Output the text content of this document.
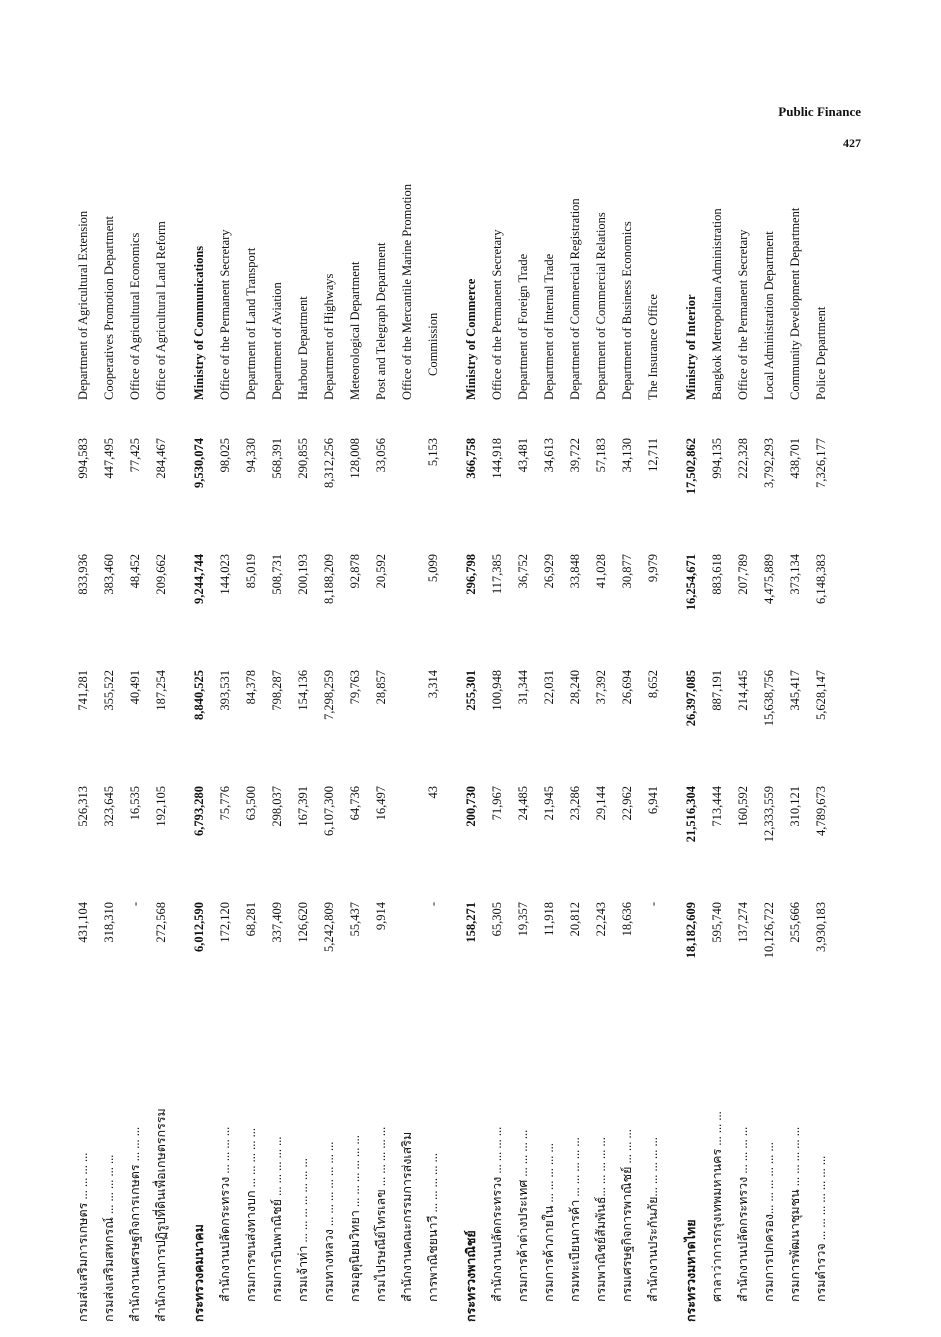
Public Finance
427
กรมส่งเสริมการเกษตร ... ... ... ...	431,104	526,313	741,281	833,936	994,583	Department of Agricultural Extension
กรมส่งเสริมสหกรณ์ ... ... ... ... ...	318,310	323,645	355,522	383,460	447,495	Cooperatives Promotion Department
สำนักงานเศรษฐกิจการเกษตร ... ... ...	-	16,535	40,491	48,452	77,425	Office of Agricultural Economics
สำนักงานการปฏิรูปที่ดินเพื่อเกษตรกรรม	272,568	192,105	187,254	209,662	284,467	Office of Agricultural Land Reform

กระทรวงคมนาคม	6,012,590	6,793,280	8,840,525	9,244,744	9,530,074	Ministry of Communications
สำนักงานปลัดกระทรวง ... ... ... ...	172,120	75,776	393,531	144,023	98,025	Office of the Permanent Secretary
กรมการขนส่งทางบก ... ... ... ... ...	68,281	63,500	84,378	85,019	94,330	Department of Land Transport
กรมการบินพาณิชย์ ... ... ... ... ...	337,409	298,037	798,287	508,731	568,391	Department of Aviation
กรมเจ้าท่า ... ... ... ... ... ... ...	126,620	167,391	154,136	200,193	290,855	Harbour Department
กรมทางหลวง ... ... ... ... ... ... ...	5,242,809	6,107,300	7,298,259	8,188,209	8,312,256	Department of Highways
กรมอุตุนิยมวิทยา ... ... ... ... ... ...	55,437	64,736	79,763	92,878	128,008	Meteorological Department
กรมไปรษณีย์โทรเลข ... ... ... ... ...	9,914	16,497	28,857	20,592	33,056	Post and Telegraph Department
สำนักงานคณะกรรมการส่งเสริม						Office of the Mercantile Marine Promotion
การพาณิชยนาวี ... ... ... ... ...	-	43	3,314	5,099	5,153	Commission

กระทรวงพาณิชย์	158,271	200,730	255,301	296,798	366,758	Ministry of Commerce
สำนักงานปลัดกระทรวง ... ... ... ...	65,305	71,967	100,948	117,385	144,918	Office of the Permanent Secretary
กรมการค้าต่างประเทศ ... ... ... ...	19,357	24,485	31,344	36,752	43,481	Department of Foreign Trade
กรมการค้าภายใน ... ... ... ... ...	11,918	21,945	22,031	26,929	34,613	Department of Internal Trade
กรมทะเบียนการค้า ... ... ... ... ...	20,812	23,286	28,240	33,848	39,722	Department of Commercial Registration
กรมพาณิชย์สัมพันธ์... ... ... ... ...	22,243	29,144	37,392	41,028	57,183	Department of Commercial Relations
กรมเศรษฐกิจการพาณิชย์ ... ... ...	18,636	22,962	26,694	30,877	34,130	Department of Business Economics
สำนักงานประกันภัย... ... ... ... ...	-	6,941	8,652	9,979	12,711	The Insurance Office

กระทรวงมหาดไทย	18,182,609	21,516,304	26,397,085	16,254,671	17,502,862	Ministry of Interior
ศาลาว่าการกรุงเทพมหานคร ... ... ...	595,740	713,444	887,191	883,618	994,135	Bangkok Metropolitan Administration
สำนักงานปลัดกระทรวง ... ... ... ...	137,274	160,592	214,445	207,789	222,328	Office of the Permanent Secretary
กรมการปกครอง... ... ... ... ... ...	10,126,722	12,333,559	15,638,756	4,475,889	3,792,293	Local Administration Department
กรมการพัฒนาชุมชน ... ... ... ... ...	255,666	310,121	345,417	373,134	438,701	Community Development Department
กรมตำรวจ ... ... ... ... ... ... ...	3,930,183	4,789,673	5,628,147	6,148,383	7,326,177	Police Department
